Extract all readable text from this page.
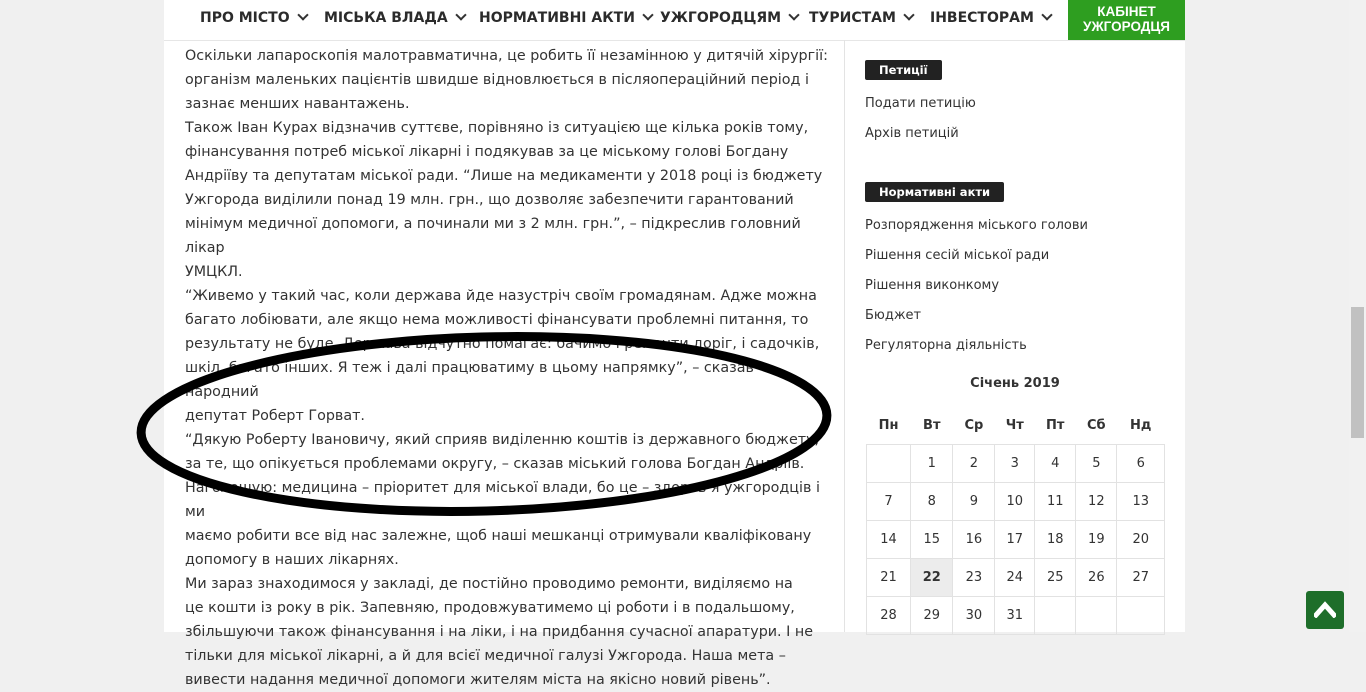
ПРО МІСТО	МІСЬКА ВЛАДА	НОРМАТИВНІ АКТИ	УЖГОРОДЦЯМ	ТУРИСТАМ	ІНВЕСТОРАМ	КАБІНЕТ
УЖГОРОДЦЯ

Оскільки лапароскопія малотравматична, це робить її незамінною у дитячій хірургії:

організм маленьких пацієнтів швидше відновлюється в післяопераційний період і

зазнає менших навантажень.

Також Іван Курах відзначив суттєве, порівняно із ситуацією ще кілька років тому,

фінансування потреб міської лікарні і подякував за це міському голові Богдану

Андріїву та депутатам міської ради. “Лише на медикаменти у 2018 році із бюджету

Ужгорода виділили понад 19 млн. грн., що дозволяє забезпечити гарантований

мінімум медичної допомоги, а починали ми з 2 млн. грн.”, – підкреслив головний лікар

УМЦКЛ.

“Живемо у такий час, коли держава йде назустріч своїм громадянам. Адже можна

багато лобіювати, але якщо нема можливості фінансувати проблемні питання, то

результату не буде. Держава відчутно помагає: бачимо і ремонти доріг, і садочків,

шкіл, багато інших. Я теж і далі працюватиму в цьому напрямку”, – сказав народний

депутат Роберт Горват.

“Дякую Роберту Івановичу, який сприяв виділенню коштів із державного бюджету,

за те, що опікується проблемами округу, – сказав міський голова Богдан Андріїв.

Наголошую: медицина – пріоритет для міської влади, бо це – здоров’я ужгородців і ми

маємо робити все від нас залежне, щоб наші мешканці отримували кваліфіковану

допомогу в наших лікарнях.

Ми зараз знаходимося у закладі, де постійно проводимо ремонти, виділяємо на

це кошти із року в рік. Запевняю, продовжуватимемо ці роботи і в подальшому,

збільшуючи також фінансування і на ліки, і на придбання сучасної апаратури. І не

тільки для міської лікарні, а й для всієї медичної галузі Ужгорода. Наша мета –

вивести надання медичної допомоги жителям міста на якісно новий рівень”.

Петиції
Подати петицію
Архів петицій
Нормативні акти
Розпорядження міського голови
Рішення сесій міської ради
Рішення виконкому
Бюджет
Регуляторна діяльність
Січень 2019
Пн	Вт	Ср	Чт	Пт	Сб	Нд
	1	2	3	4	5	6
7	8	9	10	11	12	13
14	15	16	17	18	19	20
21	22	23	24	25	26	27
28	29	30	31			
